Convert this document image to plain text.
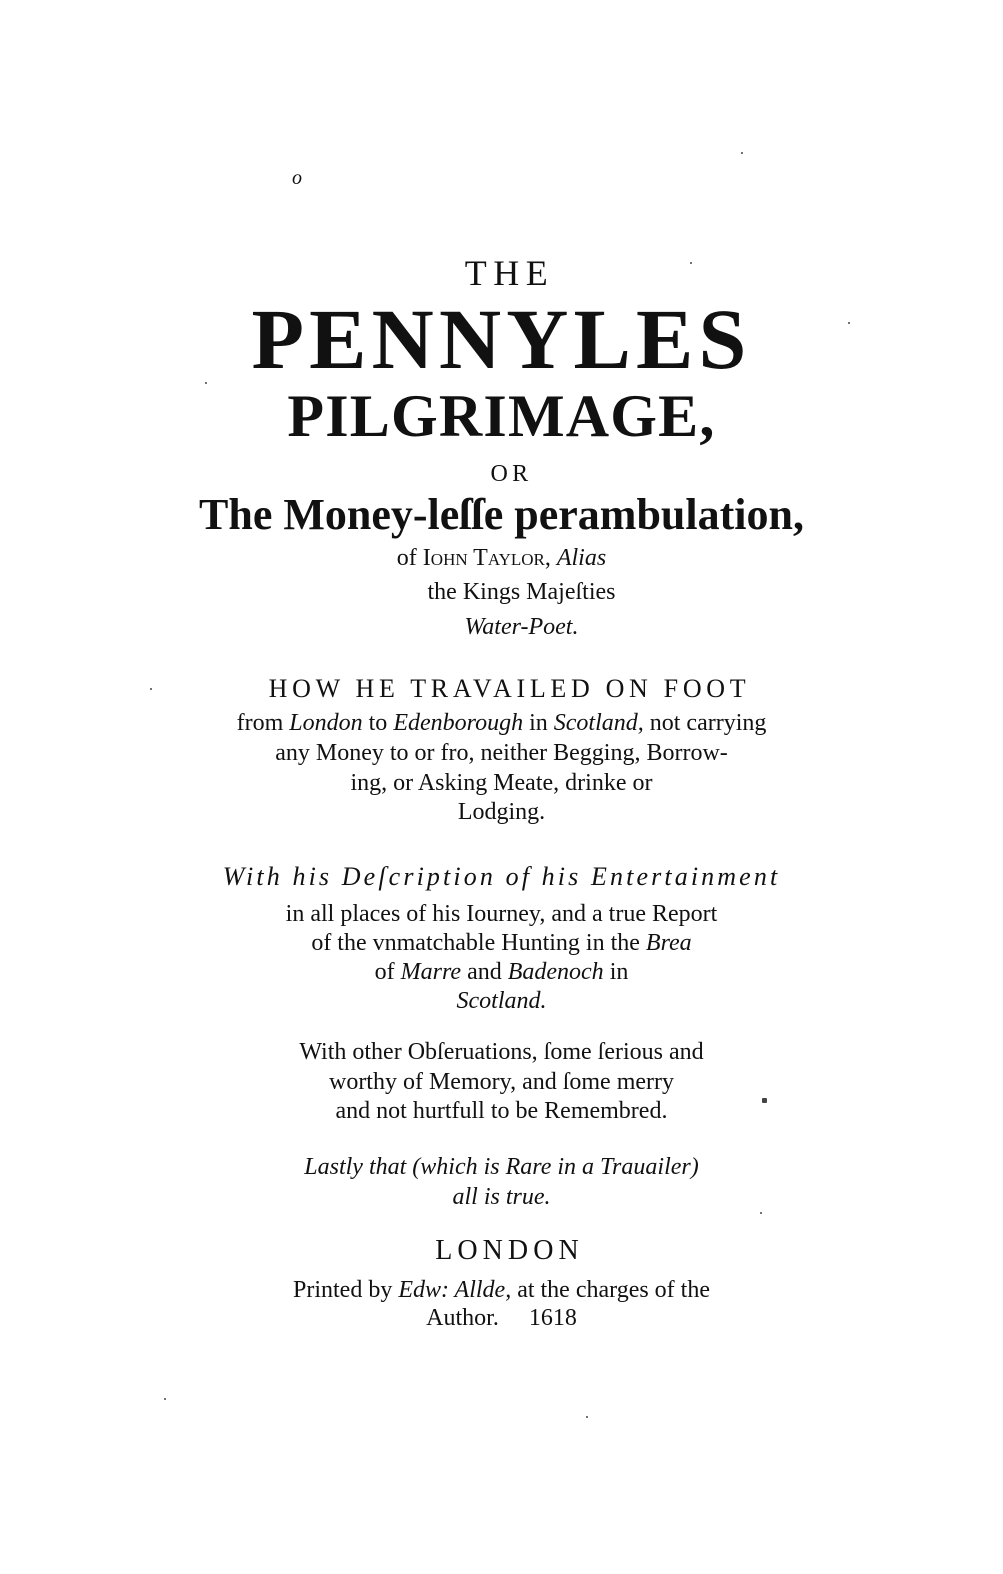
o
THE
PENNYLES
PILGRIMAGE,
OR
The Money-leſſe perambulation,
of Iohn Taylor, Alias
the Kings Majeſties
Water-Poet.
HOW HE TRAVAILED ON FOOT
from London to Edenborough in Scotland, not carrying
any Money to or fro, neither Begging, Borrow-
ing, or Asking Meate, drinke or
Lodging.
With his Deſcription of his Entertainment
in all places of his Iourney, and a true Report
of the vnmatchable Hunting in the Brea
of Marre and Badenoch in
Scotland.
With other Obſeruations, ſome ſerious and
worthy of Memory, and ſome merry
and not hurtfull to be Remembred.
Lastly that (which is Rare in a Trauailer)
all is true.
LONDON
Printed by Edw: Allde, at the charges of the
Author. 1618
